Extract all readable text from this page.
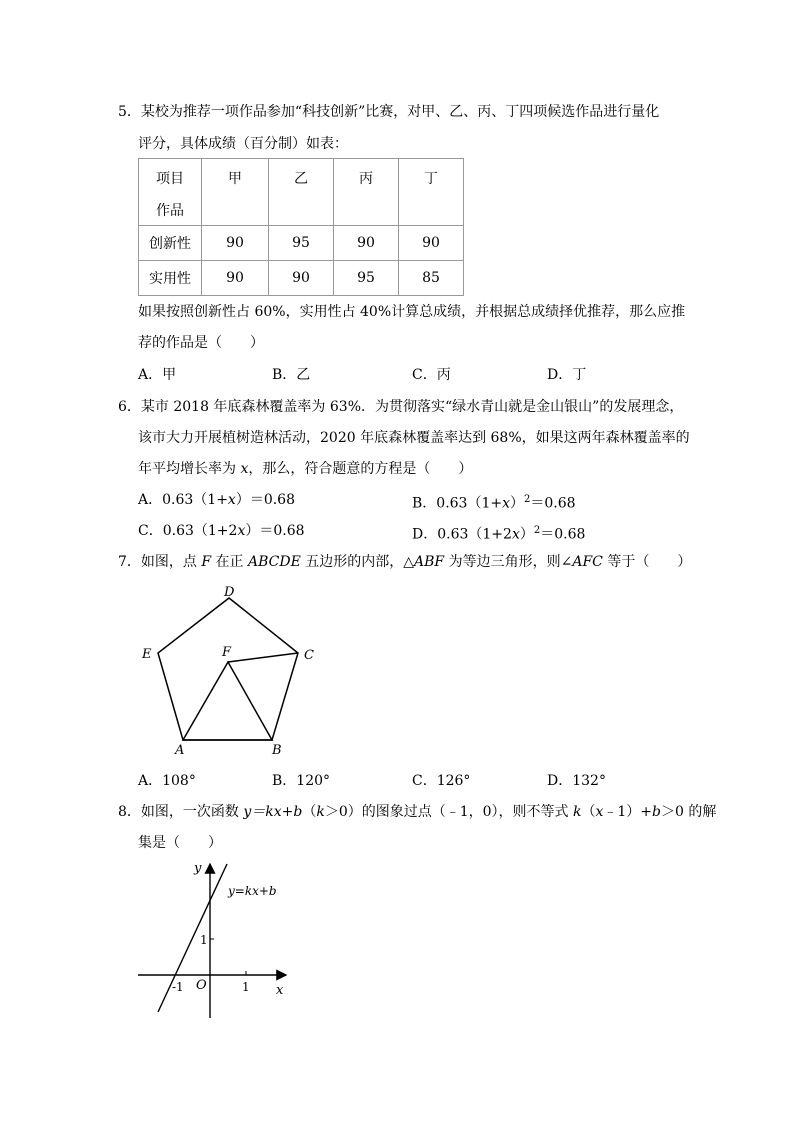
5．某校为推荐一项作品参加“科技创新”比赛，对甲、乙、丙、丁四项候选作品进行量化
评分，具体成绩（百分制）如表：
项目
作品	甲	乙	丙	丁
创新性	90	95	90	90
实用性	90	90	95	85
如果按照创新性占 60%，实用性占 40%计算总成绩，并根据总成绩择优推荐，那么应推
荐的作品是（　　）
A．甲	B．乙	C．丙	D．丁
6．某市 2018 年底森林覆盖率为 63%．为贯彻落实“绿水青山就是金山银山”的发展理念，
该市大力开展植树造林活动，2020 年底森林覆盖率达到 68%，如果这两年森林覆盖率的
年平均增长率为 x，那么，符合题意的方程是（　　）
A．0.63（1+x）＝0.68	B．$0.63(1+x)^2=0.68$
C．0.63（1+2x）＝0.68	D．$0.63(1+2x)^2=0.68$
7．如图，点 F 在正 ABCDE 五边形的内部，△ABF 为等边三角形，则∠AFC 等于（　　）
D
E	C
F
A	B
A．108°	B．120°	C．126°	D．132°
8．如图，一次函数 y＝kx+b（k＞0）的图象过点（﹣1，0），则不等式 k（x﹣1）+b＞0 的解
集是（　　）
y
x
O	1
-1
1
y=kx+b
